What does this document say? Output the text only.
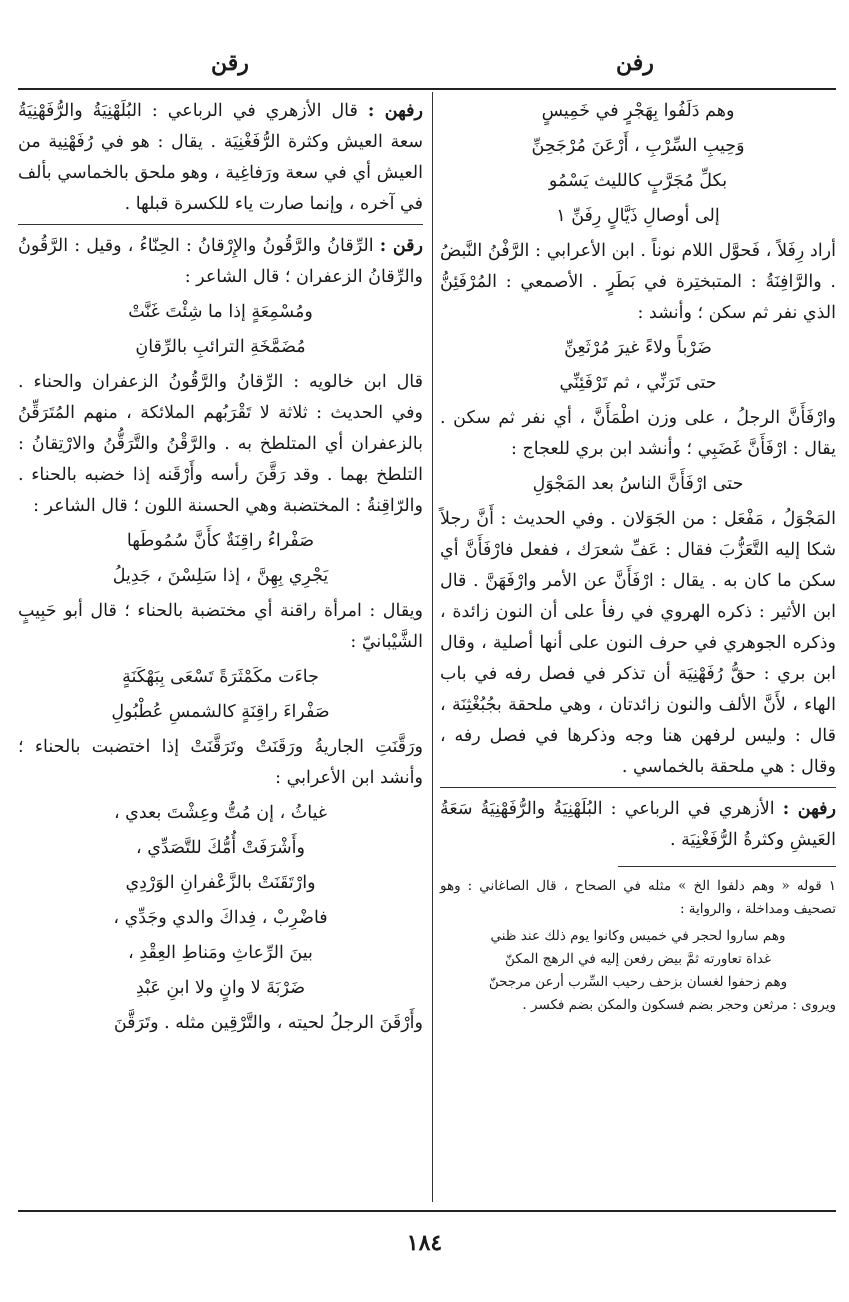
رفن
رقن

وهم دَلَفُوا بِهَجْرٍ في خَمِيسٍ

وَحِيبِ السِّرْبِ ، أَرْعَنَ مُرْجَحِنِّ

بكلِّ مُجَرَّبٍ كالليث يَسْمُو

إلى أوصالِ ذَيَّالٍ رِفَنِّ ١

أراد رِفَلاً ، فَحوَّل اللام نوناً . ابن الأعرابي : الرَّفْنُ النَّبضُ . والرَّافِنَةُ : المتبختِرة في بَطَرٍ . الأصمعي : المُرْفَئِنُّ الذي نفر ثم سكن ؛ وأنشد :

ضَرْباً ولاءً غيرَ مُرْثَعِنِّ

حتى تَرَنِّي ، ثم تَرْفَئِنِّي

وارْفَأَنَّ الرجلُ ، على وزن اطْمَأَنَّ ، أي نفر ثم سكن . يقال : ارْفَأَنَّ غَضَبِي ؛ وأنشد ابن بري للعجاج :

حتى ارْفَأَنَّ الناسُ بعد المَجْوَلِ

المَجْوَلُ ، مَفْعَل : من الجَوَلان . وفي الحديث : أَنَّ رجلاً شكا إليه التَّعَزُّبَ فقال : عَفِّ شعرَك ، ففعل فارْفَأَنَّ أي سكن ما كان به . يقال : ارْفَأَنَّ عن الأمر وارْفَهَنَّ . قال ابن الأثير : ذكره الهروي في رفأ على أن النون زائدة ، وذكره الجوهري في حرف النون على أنها أصلية ، وقال ابن بري : حقُّ رُفَهْنِيَة أن تذكر في فصل رفه في باب الهاء ، لأَنَّ الألف والنون زائدتان ، وهي ملحقة بجُبُغْثِنَة ، قال : وليس لرفهن هنا وجه وذكرها في فصل رفه ، وقال : هي ملحقة بالخماسي .

رفهن : الأزهري في الرباعي : البُلَهْنِيَةُ والرُّفَهْنِيَةُ سَعَةُ العَيشِ وكثرةُ الرُّفَغْنِيَة .

١ قوله « وهم دلفوا الخ » مثله في الصحاح ، قال الصاغاني : وهو تصحيف ومداخلة ، والرواية :

وهم ساروا لحجر في خميس وكانوا يوم ذلك عند ظني

غداة تعاورته ثمَّ بيض رفعن إليه في الرهج المكنّ

وهم زحفوا لغسان بزحف رحيب السِّرب أرعن مرجحنّ

ويروى : مرثعن وحجر بضم فسكون والمكن بضم فكسر .

رفهن : قال الأزهري في الرباعي : البُلَهْنِيَةُ والرُّفَهْنِيَةُ سعة العيش وكثرة الرُّفَغْنِيَة . يقال : هو في رُفَهْنِية من العيش أي في سعة ورَفاغِية ، وهو ملحق بالخماسي بألف في آخره ، وإنما صارت ياء للكسرة قبلها .

رقن : الرِّقانُ والرَّقُونُ والإِرْقانُ : الحِنّاءُ ، وقيل : الرَّقُونُ والرِّقانُ الزعفران ؛ قال الشاعر :

ومُسْمِعَةٍ إذا ما شِئْتَ غَنَّتْ

مُضَمَّخَةِ الترائبِ بالرِّقانِ

قال ابن خالويه : الرِّقانُ والرَّقُونُ الزعفران والحناء . وفي الحديث : ثلاثة لا تَقْرَبُهم الملائكة ، منهم المُتَرَقِّنُ بالزعفران أي المتلطخ به . والرَّقْنُ والتَّرَقُّنُ والارْتِقانُ : التلطخ بهما . وقد رَقَّنَ رأسه وأَرْقَنه إذا خضبه بالحناء . والرّاقِنةُ : المختضبة وهي الحسنة اللون ؛ قال الشاعر :

صَفْراءُ راقِنَةٌ كأَنَّ سُمُوطَها

يَجْرِي بِهِنَّ ، إذا سَلِسْنَ ، جَدِيلُ

ويقال : امرأة راقنة أي مختضبة بالحناء ؛ قال أبو حَبِيبٍ الشَّيْبانيّ :

جاءَت مكَمْثَرَةً تَسْعَى بِبَهْكَنَةٍ

صَفْراءَ راقِنَةٍ كالشمسِ عُطْبُولِ

ورَقَّنَتِ الجاريةُ ورَقَنَتْ وتَرَقَّنَتْ إذا اختضبت بالحناء ؛ وأنشد ابن الأعرابي :

غياثُ ، إن مُتُّ وعِشْتَ بعدي ،

وأَشْرَفَتْ أُمُّكَ للتَّصَدِّي ،

وارْتَقَنَتْ بالزَّعْفرانِ الوَرْدِي

فاضْرِبْ ، فِداكَ والدي وجَدِّي ،

بينَ الرِّعاثِ ومَناطِ العِقْدِ ،

ضَرْبَةَ لا وانٍ ولا ابنِ عَبْدِ

وأَرْقَنَ الرجلُ لحيته ، والتَّرْقِين مثله . وتَرَقَّنَ

١٨٤
